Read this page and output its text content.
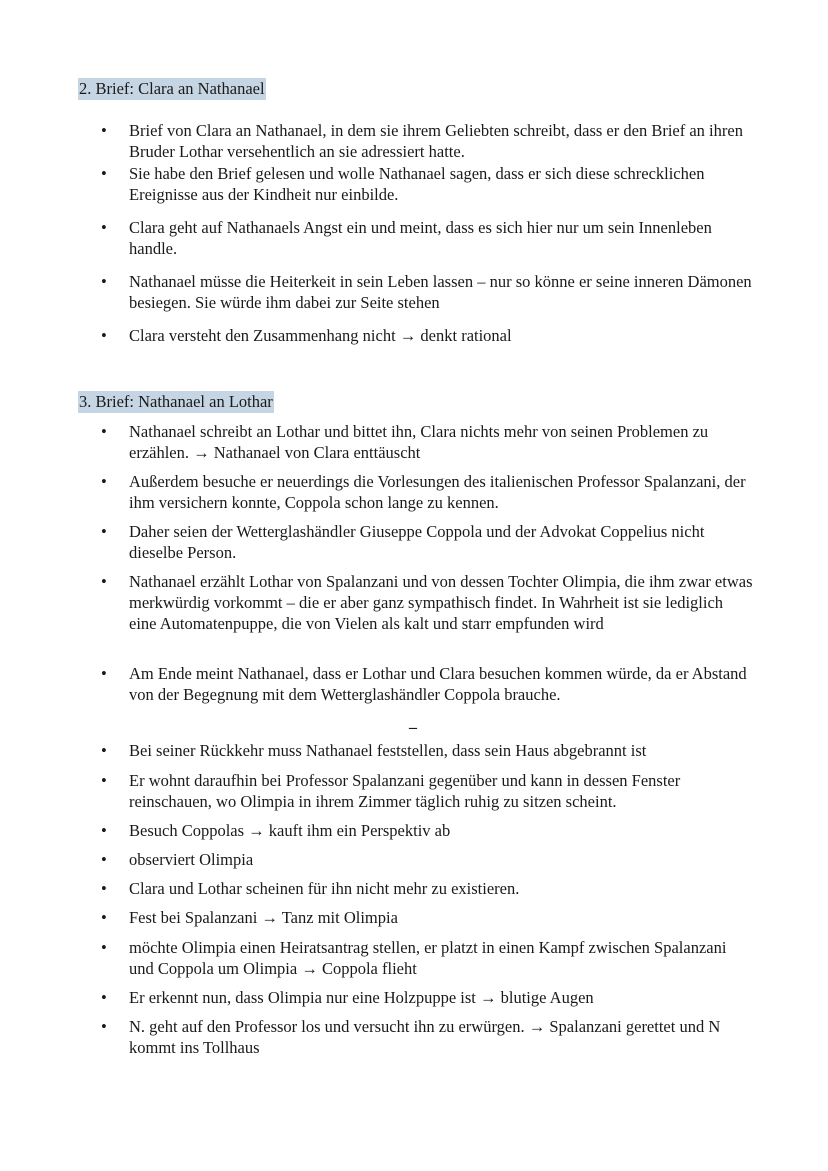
2. Brief: Clara an Nathanael
• Brief von Clara an Nathanael, in dem sie ihrem Geliebten schreibt, dass er den Brief an ihren Bruder Lothar versehentlich an sie adressiert hatte.
• Sie habe den Brief gelesen und wolle Nathanael sagen, dass er sich diese schrecklichen Ereignisse aus der Kindheit nur einbilde.
• Clara geht auf Nathanaels Angst ein und meint, dass es sich hier nur um sein Innenleben handle.
• Nathanael müsse die Heiterkeit in sein Leben lassen – nur so könne er seine inneren Dämonen besiegen. Sie würde ihm dabei zur Seite stehen
• Clara versteht den Zusammenhang nicht → denkt rational
3. Brief: Nathanael an Lothar
• Nathanael schreibt an Lothar und bittet ihn, Clara nichts mehr von seinen Problemen zu erzählen. → Nathanael von Clara enttäuscht
• Außerdem besuche er neuerdings die Vorlesungen des italienischen Professor Spalanzani, der ihm versichern konnte, Coppola schon lange zu kennen.
• Daher seien der Wetterglashändler Giuseppe Coppola und der Advokat Coppelius nicht dieselbe Person.
• Nathanael erzählt Lothar von Spalanzani und von dessen Tochter Olimpia, die ihm zwar etwas merkwürdig vorkommt – die er aber ganz sympathisch findet. In Wahrheit ist sie lediglich eine Automatenpuppe, die von Vielen als kalt und starr empfunden wird
• Am Ende meint Nathanael, dass er Lothar und Clara besuchen kommen würde, da er Abstand von der Begegnung mit dem Wetterglashändler Coppola brauche.
–
• Bei seiner Rückkehr muss Nathanael feststellen, dass sein Haus abgebrannt ist
• Er wohnt daraufhin bei Professor Spalanzani gegenüber und kann in dessen Fenster reinschauen, wo Olimpia in ihrem Zimmer täglich ruhig zu sitzen scheint.
• Besuch Coppolas → kauft ihm ein Perspektiv ab
• observiert Olimpia
• Clara und Lothar scheinen für ihn nicht mehr zu existieren.
• Fest bei Spalanzani → Tanz mit Olimpia
• möchte Olimpia einen Heiratsantrag stellen, er platzt in einen Kampf zwischen Spalanzani und Coppola um Olimpia → Coppola flieht
• Er erkennt nun, dass Olimpia nur eine Holzpuppe ist → blutige Augen
• N. geht auf den Professor los und versucht ihn zu erwürgen. → Spalanzani gerettet und N kommt ins Tollhaus
